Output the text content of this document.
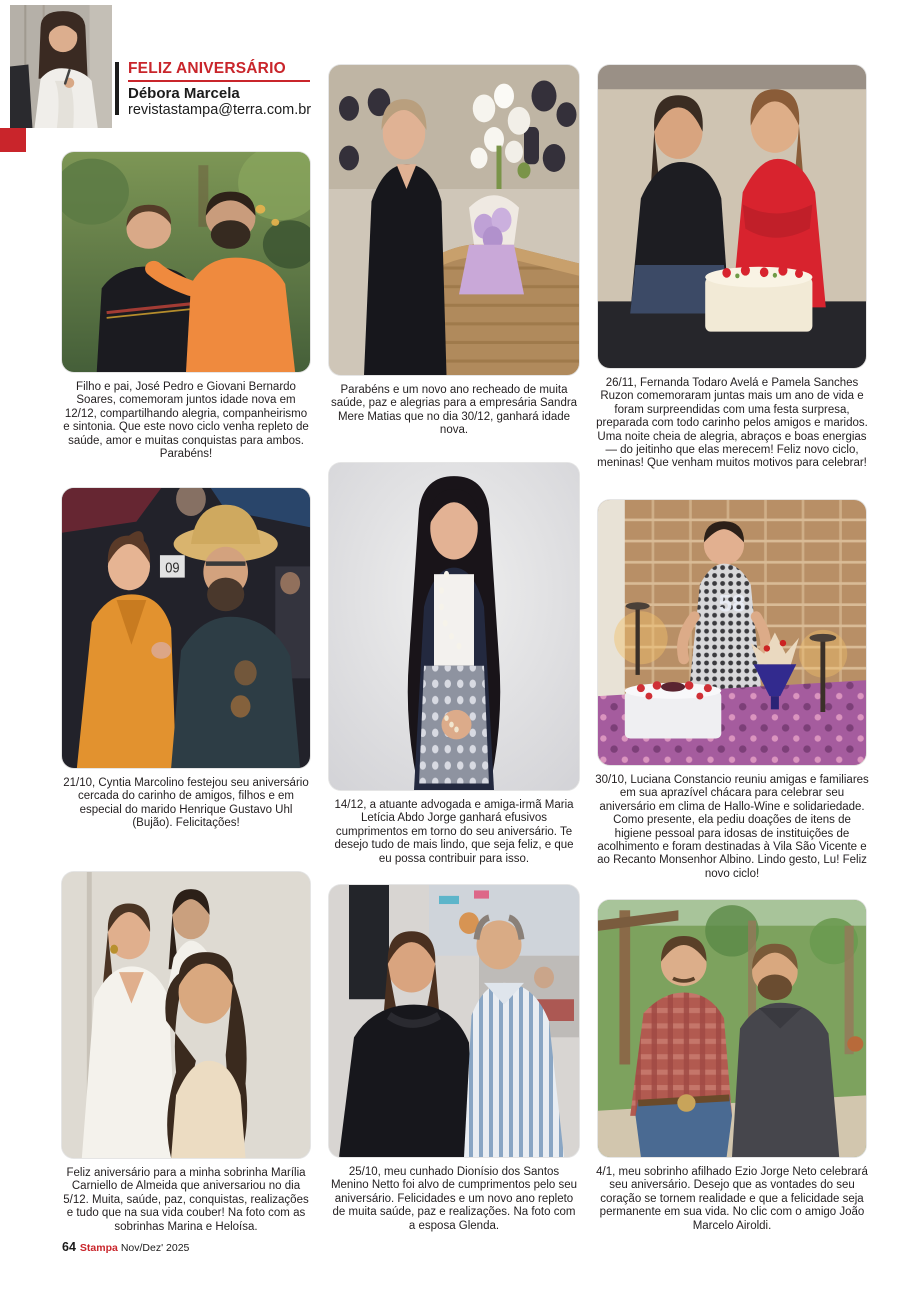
FELIZ ANIVERSÁRIO
Débora Marcela
revistastampa@terra.com.br
Filho e pai, José Pedro e Giovani Bernardo Soares, comemoram juntos idade nova em 12/12, compartilhando alegria, companheirismo e sintonia. Que este novo ciclo venha repleto de saúde, amor e muitas conquistas para ambos. Parabéns!
Parabéns e um novo ano recheado de muita saúde, paz e alegrias para a empresária Sandra Mere Matias que no dia 30/12, ganhará idade nova.
26/11, Fernanda Todaro Avelá e Pamela Sanches Ruzon comemoraram juntas mais um ano de vida e foram surpreendidas com uma festa surpresa, preparada com todo carinho pelos amigos e maridos. Uma noite cheia de alegria, abraços e boas energias — do jeitinho que elas merecem! Feliz novo ciclo, meninas! Que venham muitos motivos para celebrar!
09
21/10, Cyntia Marcolino festejou seu aniversário cercada do carinho de amigos, filhos e em especial do marido Henrique Gustavo Uhl (Bujão). Felicitações!
14/12, a atuante advogada e amiga-irmã Maria Letícia Abdo Jorge ganhará efusivos cumprimentos em torno do seu aniversário. Te desejo tudo de mais lindo, que seja feliz, e que eu possa contribuir para isso.
58
30/10, Luciana Constancio reuniu amigas e familiares em sua aprazível chácara para celebrar seu aniversário em clima de Hallo-Wine e solidariedade. Como presente, ela pediu doações de itens de higiene pessoal para idosas de instituições de acolhimento e foram destinadas à Vila São Vicente e ao Recanto Monsenhor Albino. Lindo gesto, Lu! Feliz novo ciclo!
Feliz aniversário para a minha sobrinha Marília Carniello de Almeida que aniversariou no dia 5/12. Muita, saúde, paz, conquistas, realizações e tudo que na sua vida couber! Na foto com as sobrinhas Marina e Heloísa.
25/10, meu cunhado Dionísio dos Santos Menino Netto foi alvo de cumprimentos pelo seu aniversário. Felicidades e um novo ano repleto de muita saúde, paz e realizações. Na foto com a esposa Glenda.
4/1, meu sobrinho afilhado Ezio Jorge Neto celebrará seu aniversário. Desejo que as vontades do seu coração se tornem realidade e que a felicidade seja permanente em sua vida. No clic com o amigo João Marcelo Airoldi.
64 Stampa Nov/Dez' 2025
